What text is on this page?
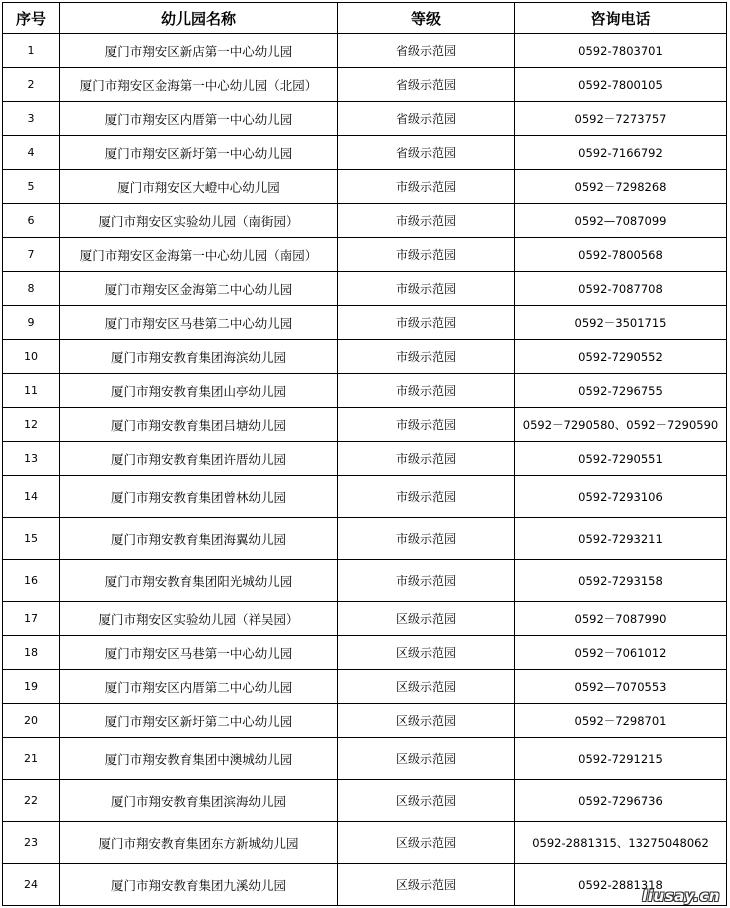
序号	幼儿园名称	等级	咨询电话
1	厦门市翔安区新店第一中心幼儿园	省级示范园	0592-7803701
2	厦门市翔安区金海第一中心幼儿园（北园）	省级示范园	0592-7800105
3	厦门市翔安区内厝第一中心幼儿园	省级示范园	0592－7273757
4	厦门市翔安区新圩第一中心幼儿园	省级示范园	0592-7166792
5	厦门市翔安区大嶝中心幼儿园	市级示范园	0592－7298268
6	厦门市翔安区实验幼儿园（南街园）	市级示范园	0592—7087099
7	厦门市翔安区金海第一中心幼儿园（南园）	市级示范园	0592-7800568
8	厦门市翔安区金海第二中心幼儿园	市级示范园	0592-7087708
9	厦门市翔安区马巷第二中心幼儿园	市级示范园	0592－3501715
10	厦门市翔安教育集团海滨幼儿园	市级示范园	0592-7290552
11	厦门市翔安教育集团山亭幼儿园	市级示范园	0592-7296755
12	厦门市翔安教育集团吕塘幼儿园	市级示范园	0592－7290580、0592－7290590
13	厦门市翔安教育集团许厝幼儿园	市级示范园	0592-7290551
14	厦门市翔安教育集团曾林幼儿园	市级示范园	0592-7293106
15	厦门市翔安教育集团海翼幼儿园	市级示范园	0592-7293211
16	厦门市翔安教育集团阳光城幼儿园	市级示范园	0592-7293158
17	厦门市翔安区实验幼儿园（祥吴园）	区级示范园	0592－7087990
18	厦门市翔安区马巷第一中心幼儿园	区级示范园	0592－7061012
19	厦门市翔安区内厝第二中心幼儿园	区级示范园	0592—7070553
20	厦门市翔安区新圩第二中心幼儿园	区级示范园	0592－7298701
21	厦门市翔安教育集团中澳城幼儿园	区级示范园	0592-7291215
22	厦门市翔安教育集团滨海幼儿园	区级示范园	0592-7296736
23	厦门市翔安教育集团东方新城幼儿园	区级示范园	0592-2881315、13275048062
24	厦门市翔安教育集团九溪幼儿园	区级示范园	0592-2881318
liusay.cn
